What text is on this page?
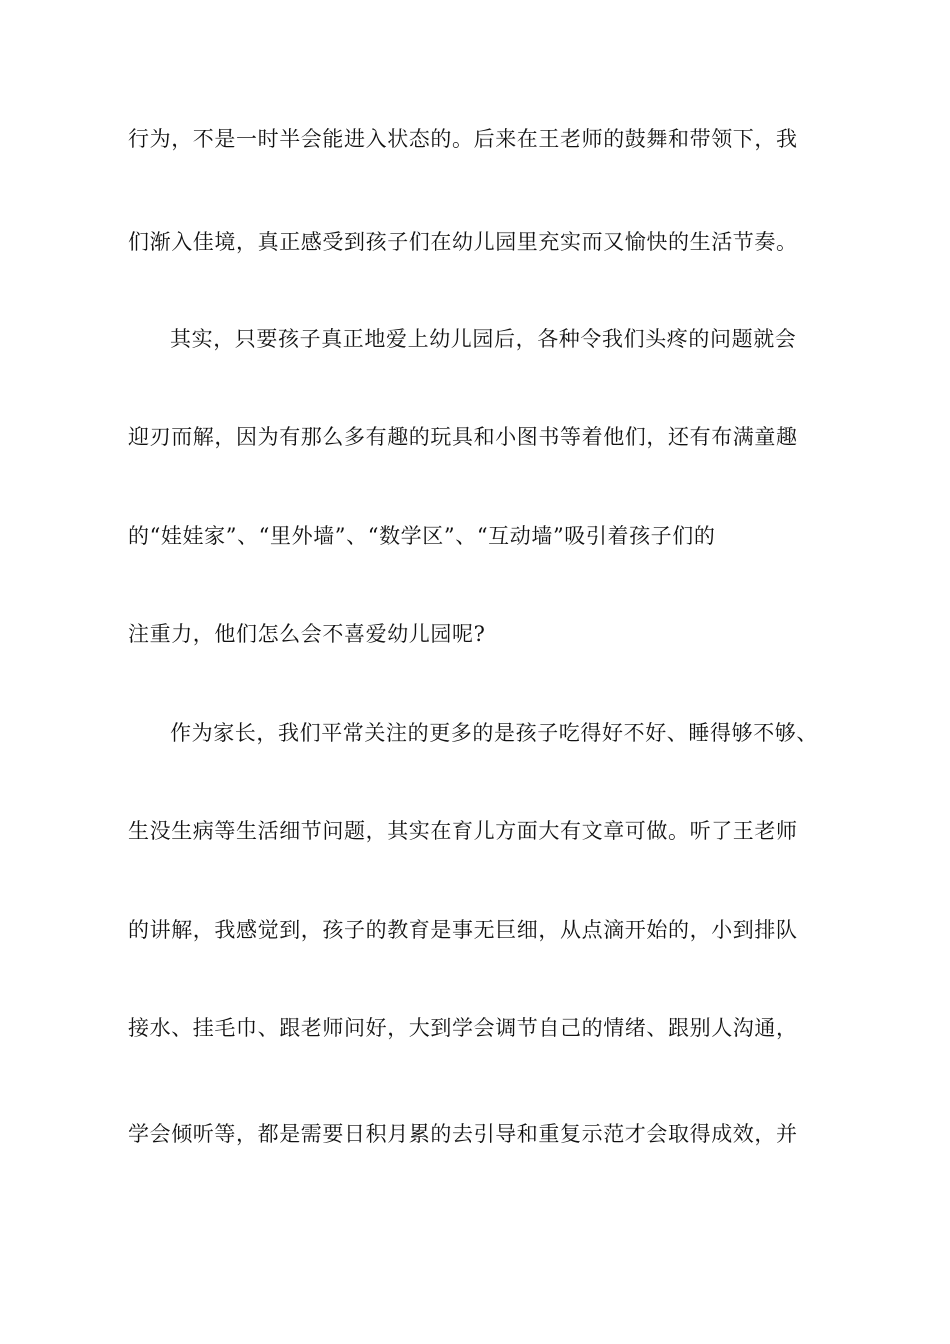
行为，不是一时半会能进入状态的。后来在王老师的鼓舞和带领下，我
们渐入佳境，真正感受到孩子们在幼儿园里充实而又愉快的生活节奏。
其实，只要孩子真正地爱上幼儿园后，各种令我们头疼的问题就会
迎刃而解，因为有那么多有趣的玩具和小图书等着他们，还有布满童趣
的“娃娃家”、“里外墙”、“数学区”、“互动墙”吸引着孩子们的
注重力，他们怎么会不喜爱幼儿园呢?
作为家长，我们平常关注的更多的是孩子吃得好不好、睡得够不够、
生没生病等生活细节问题，其实在育儿方面大有文章可做。听了王老师
的讲解，我感觉到，孩子的教育是事无巨细，从点滴开始的，小到排队
接水、挂毛巾、跟老师问好，大到学会调节自己的情绪、跟别人沟通，
学会倾听等，都是需要日积月累的去引导和重复示范才会取得成效，并
